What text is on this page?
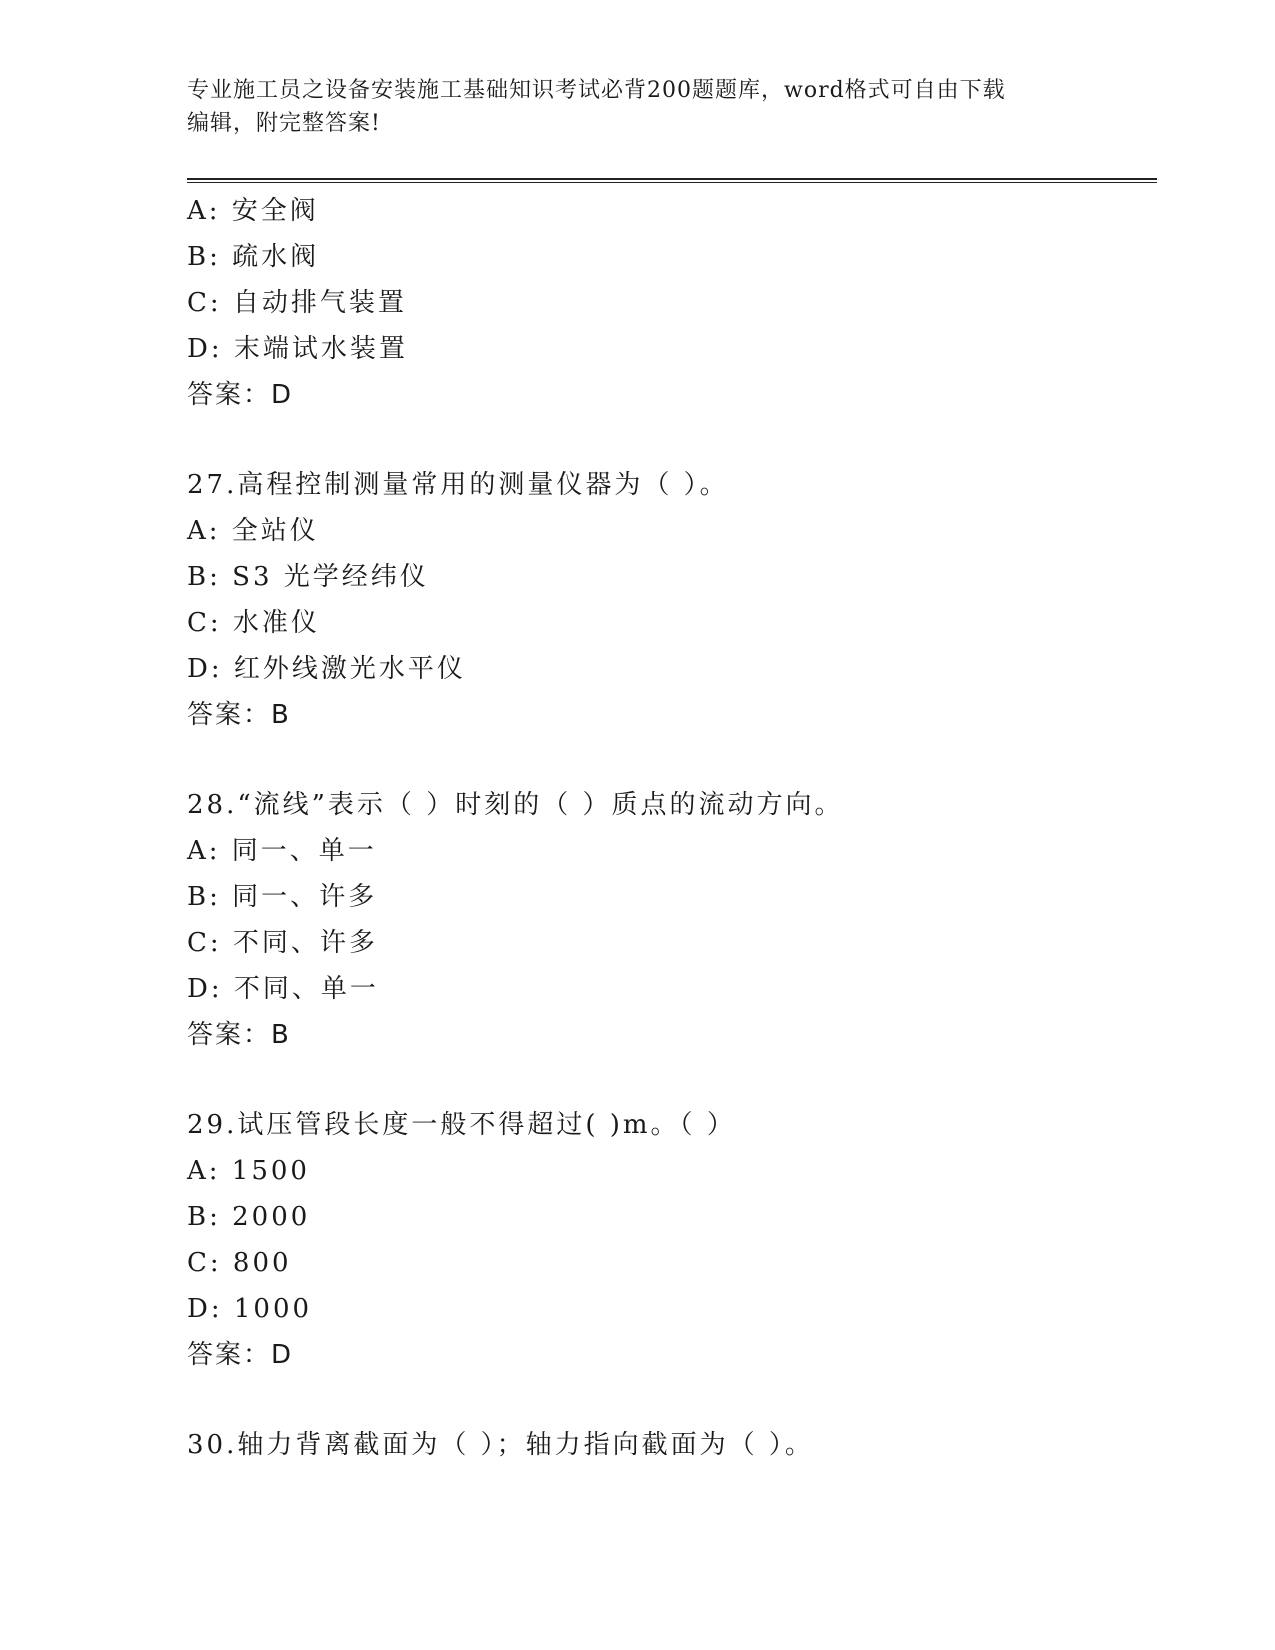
专业施工员之设备安装施工基础知识考试必背200题题库，word格式可自由下载
编辑，附完整答案!
A: 安全阀
B: 疏水阀
C: 自动排气装置
D: 末端试水装置
答案：D
27.高程控制测量常用的测量仪器为（ ）。
A: 全站仪
B: S3 光学经纬仪
C: 水准仪
D: 红外线激光水平仪
答案：B
28.“流线”表示（ ）时刻的（ ）质点的流动方向。
A: 同一、单一
B: 同一、许多
C: 不同、许多
D: 不同、单一
答案：B
29.试压管段长度一般不得超过( )m。（ ）
A: 1500
B: 2000
C: 800
D: 1000
答案：D
30.轴力背离截面为（ ）；轴力指向截面为（ ）。
